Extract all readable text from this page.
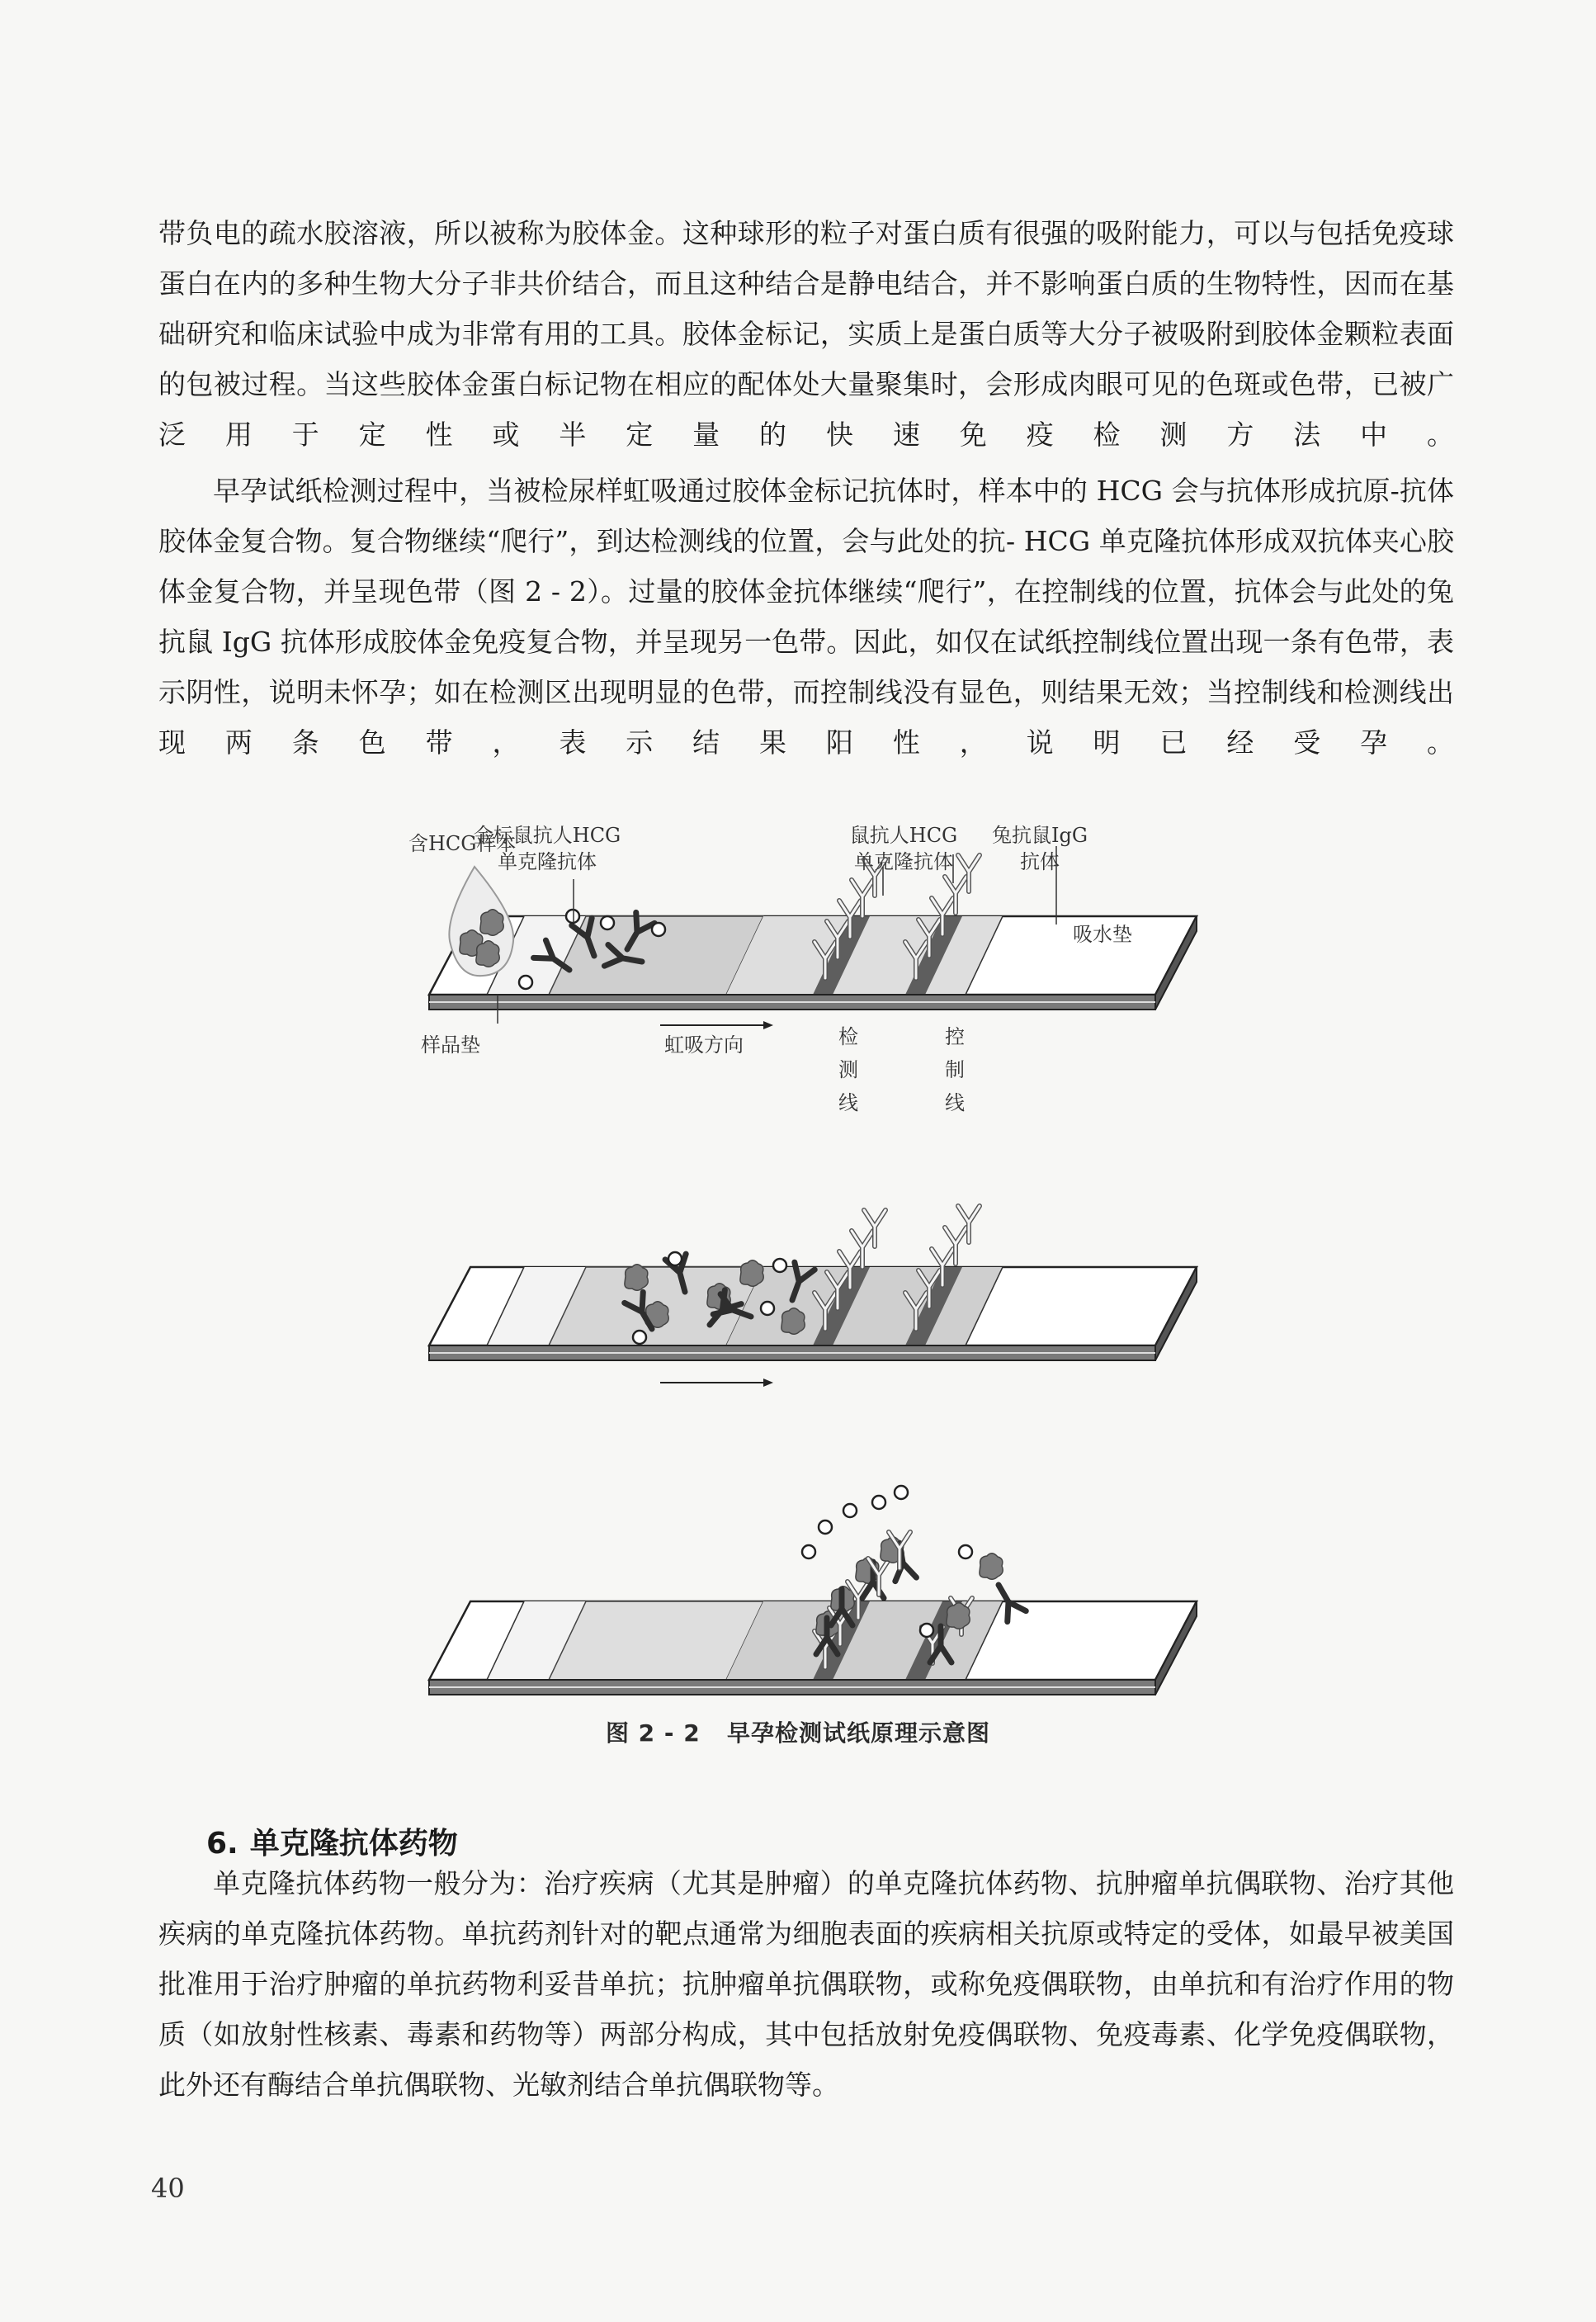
带负电的疏水胶溶液，所以被称为胶体金。这种球形的粒子对蛋白质有很强的吸附能力，可以与包括免疫球蛋白在内的多种生物大分子非共价结合，而且这种结合是静电结合，并不影响蛋白质的生物特性，因而在基础研究和临床试验中成为非常有用的工具。胶体金标记，实质上是蛋白质等大分子被吸附到胶体金颗粒表面的包被过程。当这些胶体金蛋白标记物在相应的配体处大量聚集时，会形成肉眼可见的色斑或色带，已被广泛用于定性或半定量的快速免疫检测方法中。

早孕试纸检测过程中，当被检尿样虹吸通过胶体金标记抗体时，样本中的 HCG 会与抗体形成抗原-抗体胶体金复合物。复合物继续“爬行”，到达检测线的位置，会与此处的抗- HCG 单克隆抗体形成双抗体夹心胶体金复合物，并呈现色带（图 2 - 2）。过量的胶体金抗体继续“爬行”，在控制线的位置，抗体会与此处的兔抗鼠 IgG 抗体形成胶体金免疫复合物，并呈现另一色带。因此，如仅在试纸控制线位置出现一条有色带，表示阴性，说明未怀孕；如在检测区出现明显的色带，而控制线没有显色，则结果无效；当控制线和检测线出现两条色带，表示结果阳性，说明已经受孕。

含HCG样本
金标鼠抗人HCG
单克隆抗体
鼠抗人HCG
单克隆抗体
兔抗鼠IgG
抗体
吸水垫
样品垫	虹吸方向	检
测
线
控
制
线
图 2 - 2 早孕检测试纸原理示意图
6. 单克隆抗体药物

单克隆抗体药物一般分为：治疗疾病（尤其是肿瘤）的单克隆抗体药物、抗肿瘤单抗偶联物、治疗其他疾病的单克隆抗体药物。单抗药剂针对的靶点通常为细胞表面的疾病相关抗原或特定的受体，如最早被美国批准用于治疗肿瘤的单抗药物利妥昔单抗；抗肿瘤单抗偶联物，或称免疫偶联物，由单抗和有治疗作用的物质（如放射性核素、毒素和药物等）两部分构成，其中包括放射免疫偶联物、免疫毒素、化学免疫偶联物，此外还有酶结合单抗偶联物、光敏剂结合单抗偶联物等。

40
